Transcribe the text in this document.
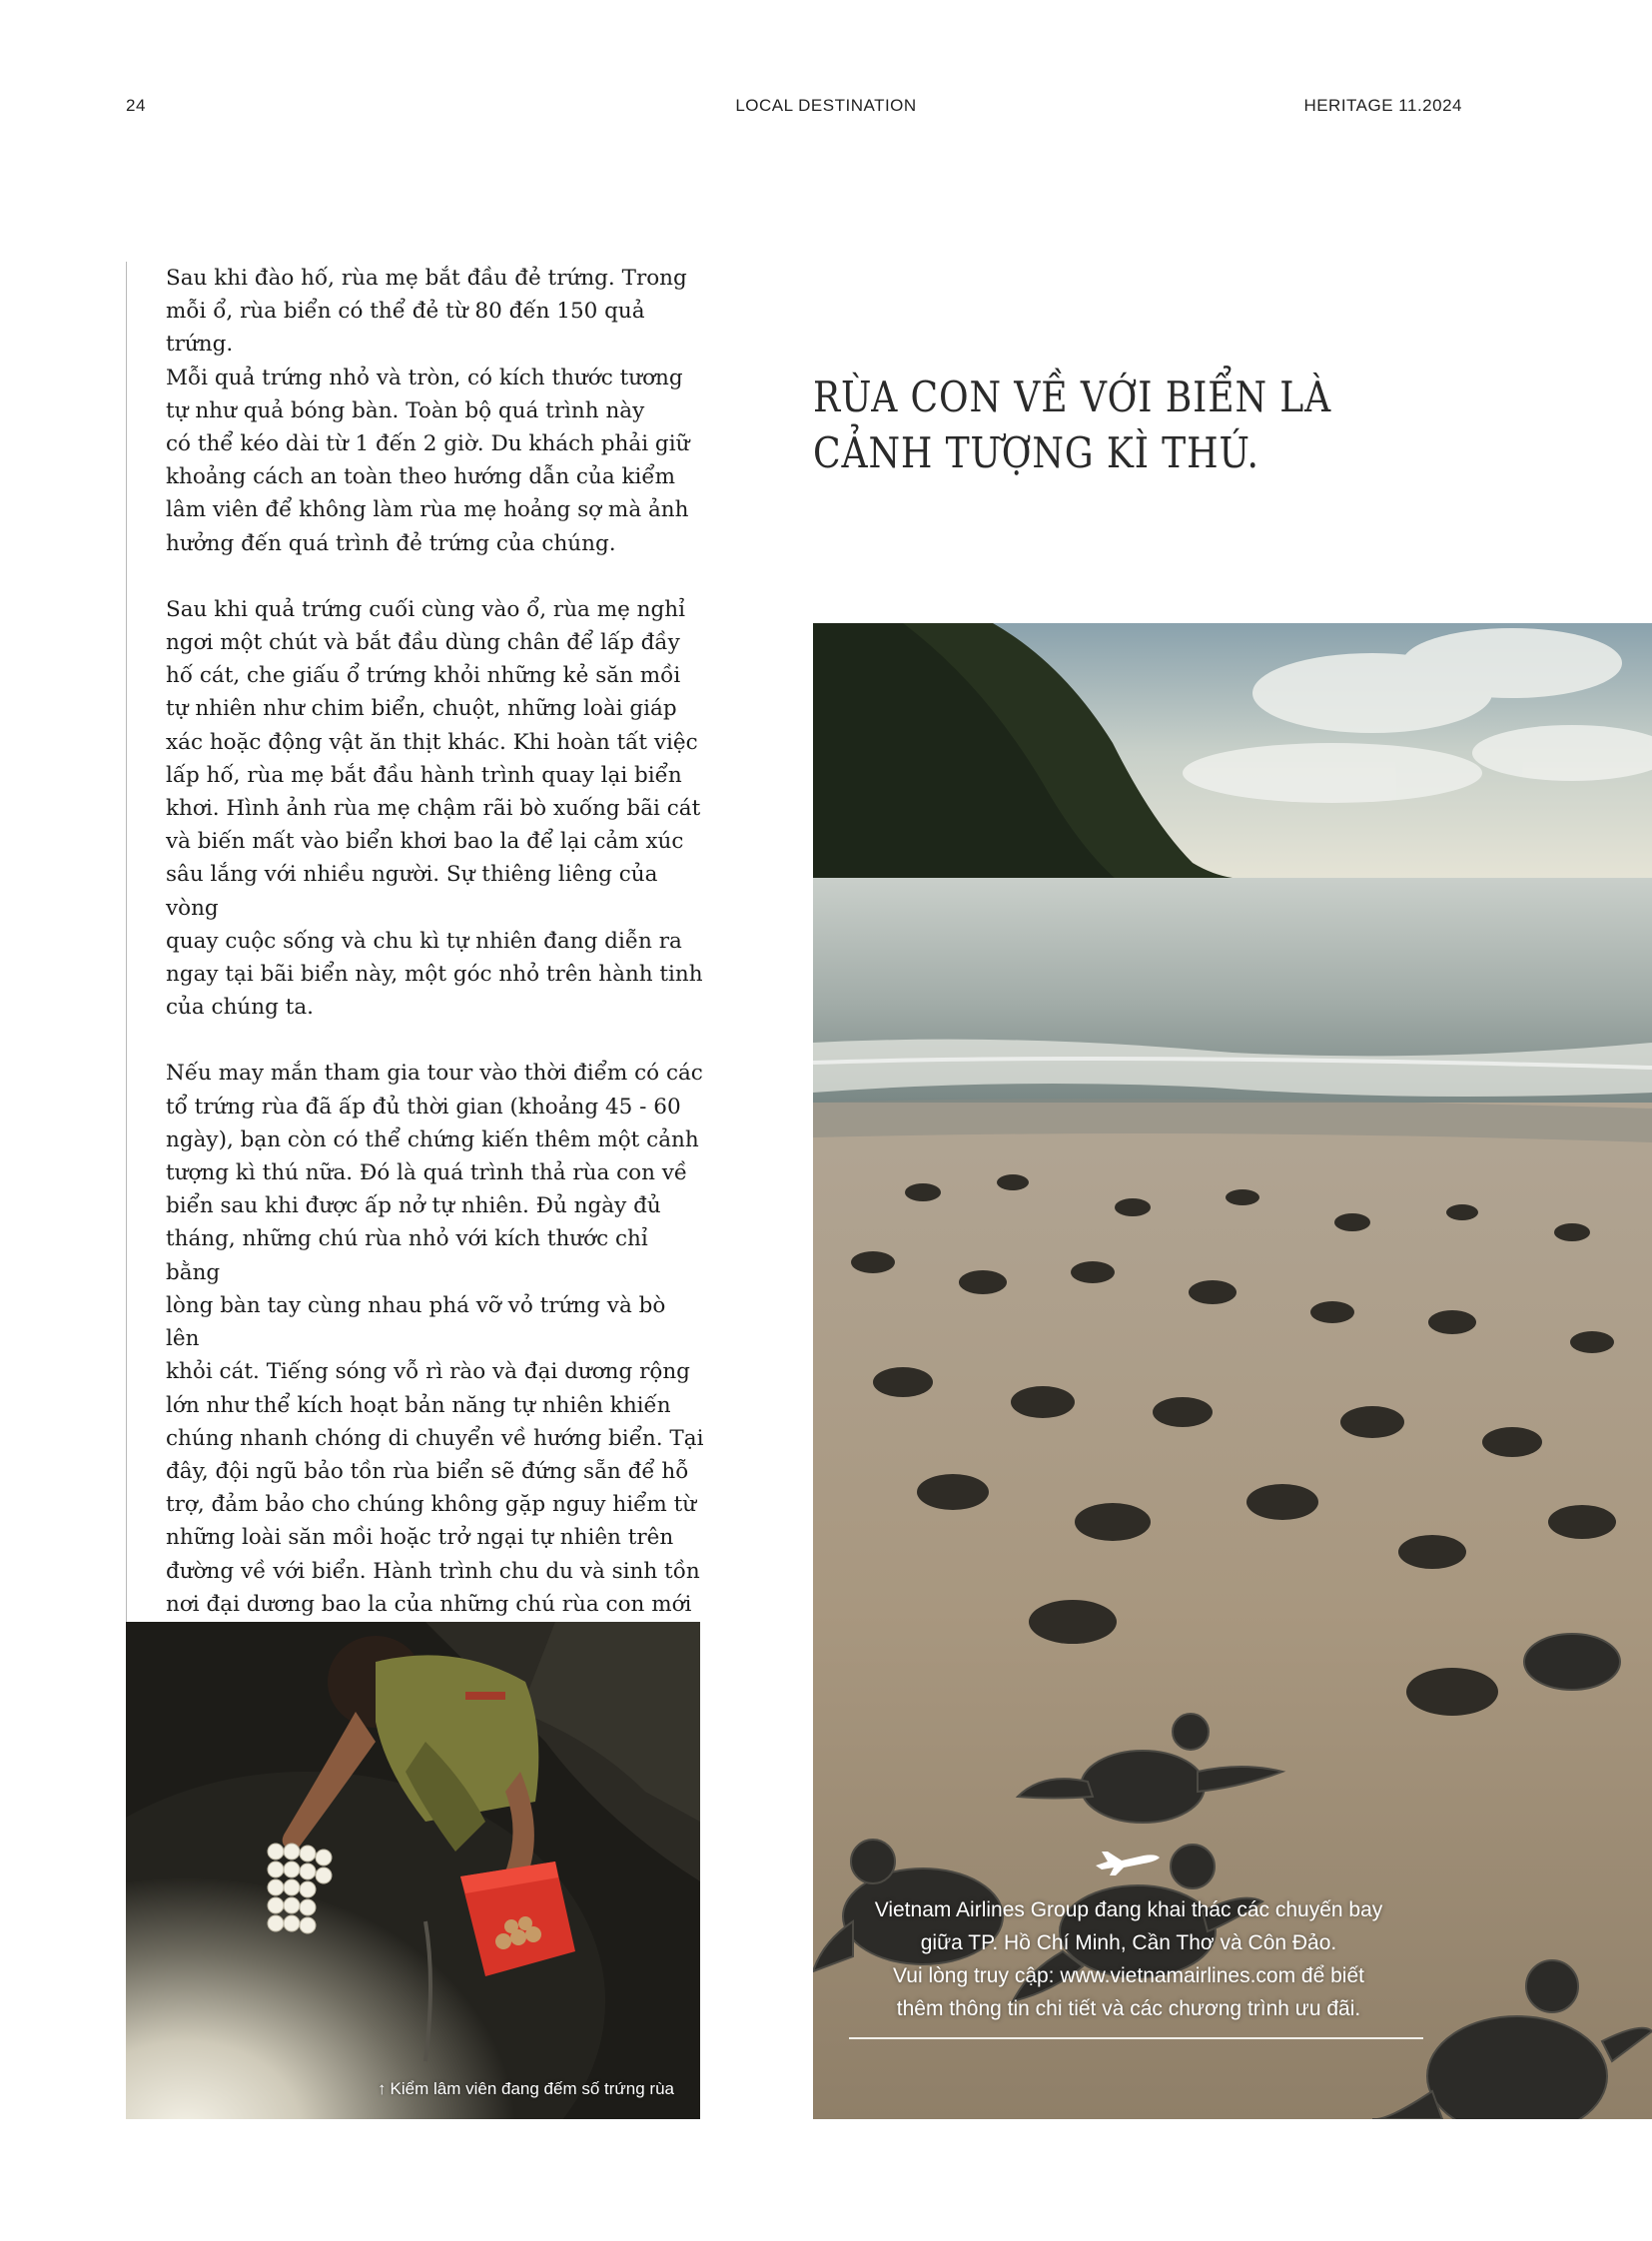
24	LOCAL DESTINATION	HERITAGE 11.2024

Sau khi đào hố, rùa mẹ bắt đầu đẻ trứng. Trong
mỗi ổ, rùa biển có thể đẻ từ 80 đến 150 quả trứng.
Mỗi quả trứng nhỏ và tròn, có kích thước tương
tự như quả bóng bàn. Toàn bộ quá trình này
có thể kéo dài từ 1 đến 2 giờ. Du khách phải giữ
khoảng cách an toàn theo hướng dẫn của kiểm
lâm viên để không làm rùa mẹ hoảng sợ mà ảnh
hưởng đến quá trình đẻ trứng của chúng.

Sau khi quả trứng cuối cùng vào ổ, rùa mẹ nghỉ
ngơi một chút và bắt đầu dùng chân để lấp đầy
hố cát, che giấu ổ trứng khỏi những kẻ săn mồi
tự nhiên như chim biển, chuột, những loài giáp
xác hoặc động vật ăn thịt khác. Khi hoàn tất việc
lấp hố, rùa mẹ bắt đầu hành trình quay lại biển
khơi. Hình ảnh rùa mẹ chậm rãi bò xuống bãi cát
và biến mất vào biển khơi bao la để lại cảm xúc
sâu lắng với nhiều người. Sự thiêng liêng của vòng
quay cuộc sống và chu kì tự nhiên đang diễn ra
ngay tại bãi biển này, một góc nhỏ trên hành tinh
của chúng ta.

Nếu may mắn tham gia tour vào thời điểm có các
tổ trứng rùa đã ấp đủ thời gian (khoảng 45 - 60
ngày), bạn còn có thể chứng kiến thêm một cảnh
tượng kì thú nữa. Đó là quá trình thả rùa con về
biển sau khi được ấp nở tự nhiên. Đủ ngày đủ
tháng, những chú rùa nhỏ với kích thước chỉ bằng
lòng bàn tay cùng nhau phá vỡ vỏ trứng và bò lên
khỏi cát. Tiếng sóng vỗ rì rào và đại dương rộng
lớn như thể kích hoạt bản năng tự nhiên khiến
chúng nhanh chóng di chuyển về hướng biển. Tại
đây, đội ngũ bảo tồn rùa biển sẽ đứng sẵn để hỗ
trợ, đảm bảo cho chúng không gặp nguy hiểm từ
những loài săn mồi hoặc trở ngại tự nhiên trên
đường về với biển. Hành trình chu du và sinh tồn
nơi đại dương bao la của những chú rùa con mới

RÙA CON VỀ VỚI BIỂN LÀ
CẢNH TƯỢNG KÌ THÚ.
↑ Kiểm lâm viên đang đếm số trứng rùa
Vietnam Airlines Group đang khai thác các chuyến bay
giữa TP. Hồ Chí Minh, Cần Thơ và Côn Đảo.
Vui lòng truy cập: www.vietnamairlines.com để biết
thêm thông tin chi tiết và các chương trình ưu đãi.
